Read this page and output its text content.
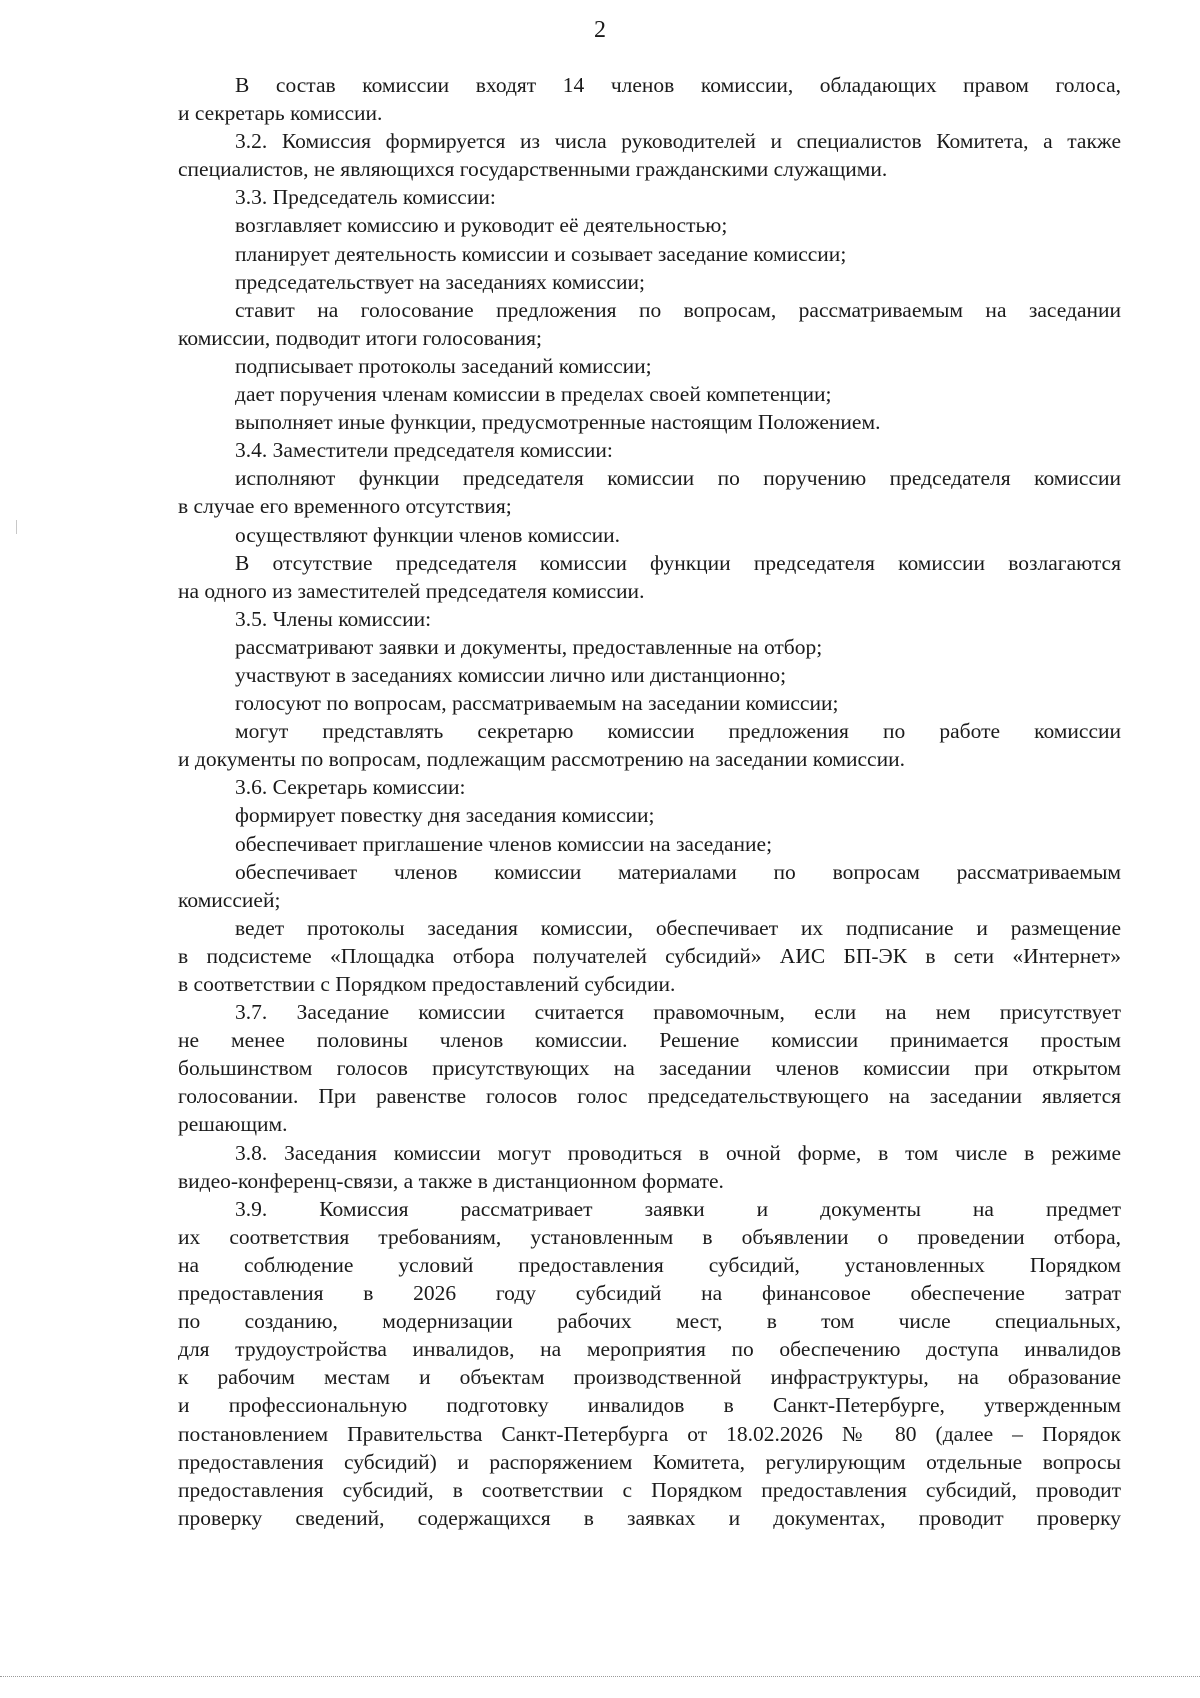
2
В состав комиссии входят 14 членов комиссии, обладающих правом голоса,
и секретарь комиссии.
3.2. Комиссия формируется из числа руководителей и специалистов Комитета, а также
специалистов, не являющихся государственными гражданскими служащими.
3.3. Председатель комиссии:
возглавляет комиссию и руководит её деятельностью;
планирует деятельность комиссии и созывает заседание комиссии;
председательствует на заседаниях комиссии;
ставит на голосование предложения по вопросам, рассматриваемым на заседании
комиссии, подводит итоги голосования;
подписывает протоколы заседаний комиссии;
дает поручения членам комиссии в пределах своей компетенции;
выполняет иные функции, предусмотренные настоящим Положением.
3.4. Заместители председателя комиссии:
исполняют функции председателя комиссии по поручению председателя комиссии
в случае его временного отсутствия;
осуществляют функции членов комиссии.
В отсутствие председателя комиссии функции председателя комиссии возлагаются
на одного из заместителей председателя комиссии.
3.5. Члены комиссии:
рассматривают заявки и документы, предоставленные на отбор;
участвуют в заседаниях комиссии лично или дистанционно;
голосуют по вопросам, рассматриваемым на заседании комиссии;
могут представлять секретарю комиссии предложения по работе комиссии
и документы по вопросам, подлежащим рассмотрению на заседании комиссии.
3.6. Секретарь комиссии:
формирует повестку дня заседания комиссии;
обеспечивает приглашение членов комиссии на заседание;
обеспечивает членов комиссии материалами по вопросам рассматриваемым
комиссией;
ведет протоколы заседания комиссии, обеспечивает их подписание и размещение
в подсистеме «Площадка отбора получателей субсидий» АИС БП-ЭК в сети «Интернет»
в соответствии с Порядком предоставлений субсидии.
3.7. Заседание комиссии считается правомочным, если на нем присутствует
не менее половины членов комиссии. Решение комиссии принимается простым
большинством голосов присутствующих на заседании членов комиссии при открытом
голосовании. При равенстве голосов голос председательствующего на заседании является
решающим.
3.8. Заседания комиссии могут проводиться в очной форме, в том числе в режиме
видео-конференц-связи, а также в дистанционном формате.
3.9. Комиссия рассматривает заявки и документы на предмет
их соответствия требованиям, установленным в объявлении о проведении отбора,
на соблюдение условий предоставления субсидий, установленных Порядком
предоставления в 2026 году субсидий на финансовое обеспечение затрат
по созданию, модернизации рабочих мест, в том числе специальных,
для трудоустройства инвалидов, на мероприятия по обеспечению доступа инвалидов
к рабочим местам и объектам производственной инфраструктуры, на образование
и профессиональную подготовку инвалидов в Санкт-Петербурге, утвержденным
постановлением Правительства Санкт-Петербурга от 18.02.2026 № 80 (далее – Порядок
предоставления субсидий) и распоряжением Комитета, регулирующим отдельные вопросы
предоставления субсидий, в соответствии с Порядком предоставления субсидий, проводит
проверку сведений, содержащихся в заявках и документах, проводит проверку
